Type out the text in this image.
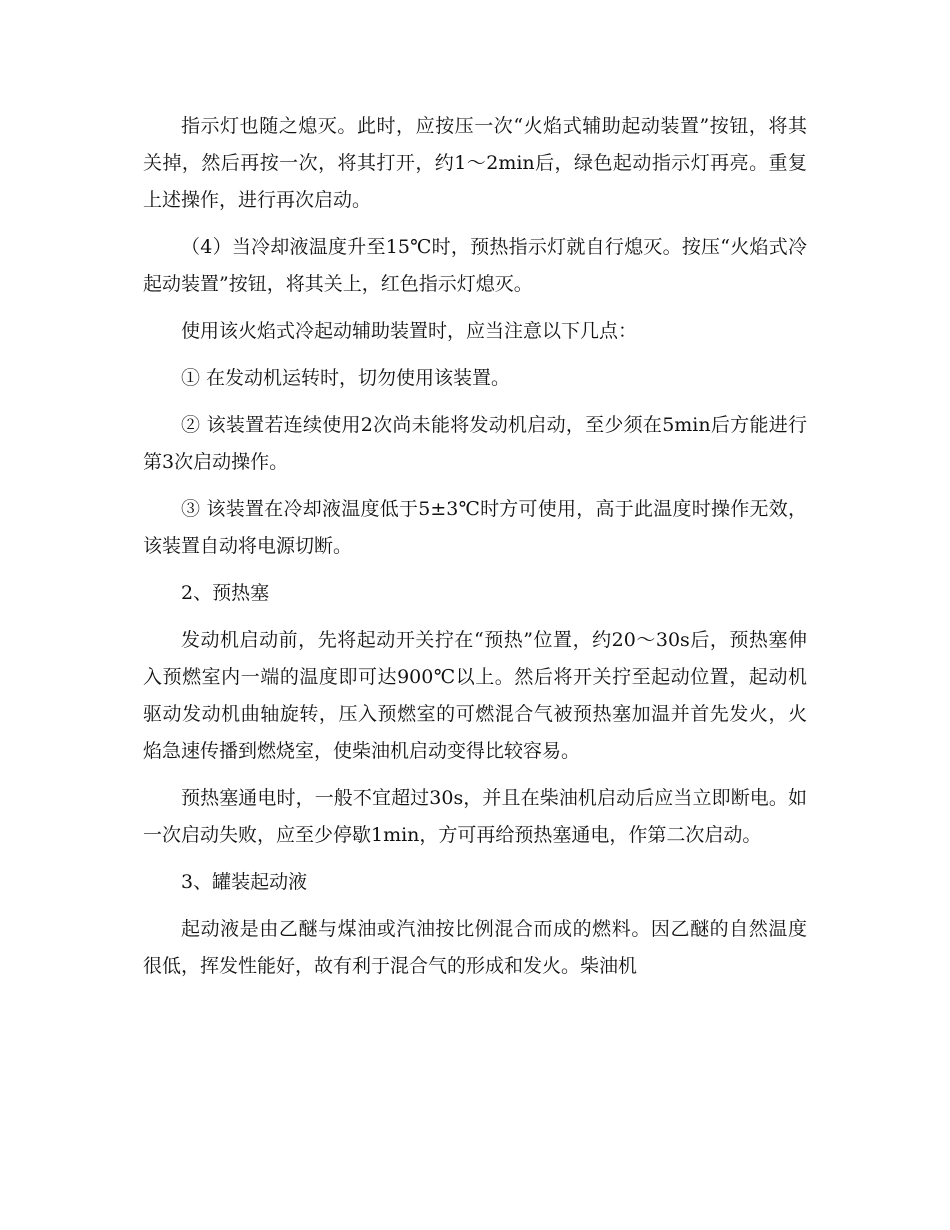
指示灯也随之熄灭。此时，应按压一次“火焰式辅助起动装置”按钮，将其关掉，然后再按一次，将其打开，约1～2min后，绿色起动指示灯再亮。重复上述操作，进行再次启动。

（4）当冷却液温度升至15℃时，预热指示灯就自行熄灭。按压“火焰式冷起动装置”按钮，将其关上，红色指示灯熄灭。

使用该火焰式冷起动辅助装置时，应当注意以下几点：

① 在发动机运转时，切勿使用该装置。

② 该装置若连续使用2次尚未能将发动机启动，至少须在5min后方能进行第3次启动操作。

③ 该装置在冷却液温度低于5±3℃时方可使用，高于此温度时操作无效，该装置自动将电源切断。

2、预热塞

发动机启动前，先将起动开关拧在“预热”位置，约20～30s后，预热塞伸入预燃室内一端的温度即可达900℃以上。然后将开关拧至起动位置，起动机驱动发动机曲轴旋转，压入预燃室的可燃混合气被预热塞加温并首先发火，火焰急速传播到燃烧室，使柴油机启动变得比较容易。

预热塞通电时，一般不宜超过30s，并且在柴油机启动后应当立即断电。如一次启动失败，应至少停歇1min，方可再给预热塞通电，作第二次启动。

3、罐装起动液

起动液是由乙醚与煤油或汽油按比例混合而成的燃料。因乙醚的自然温度很低，挥发性能好，故有利于混合气的形成和发火。柴油机
